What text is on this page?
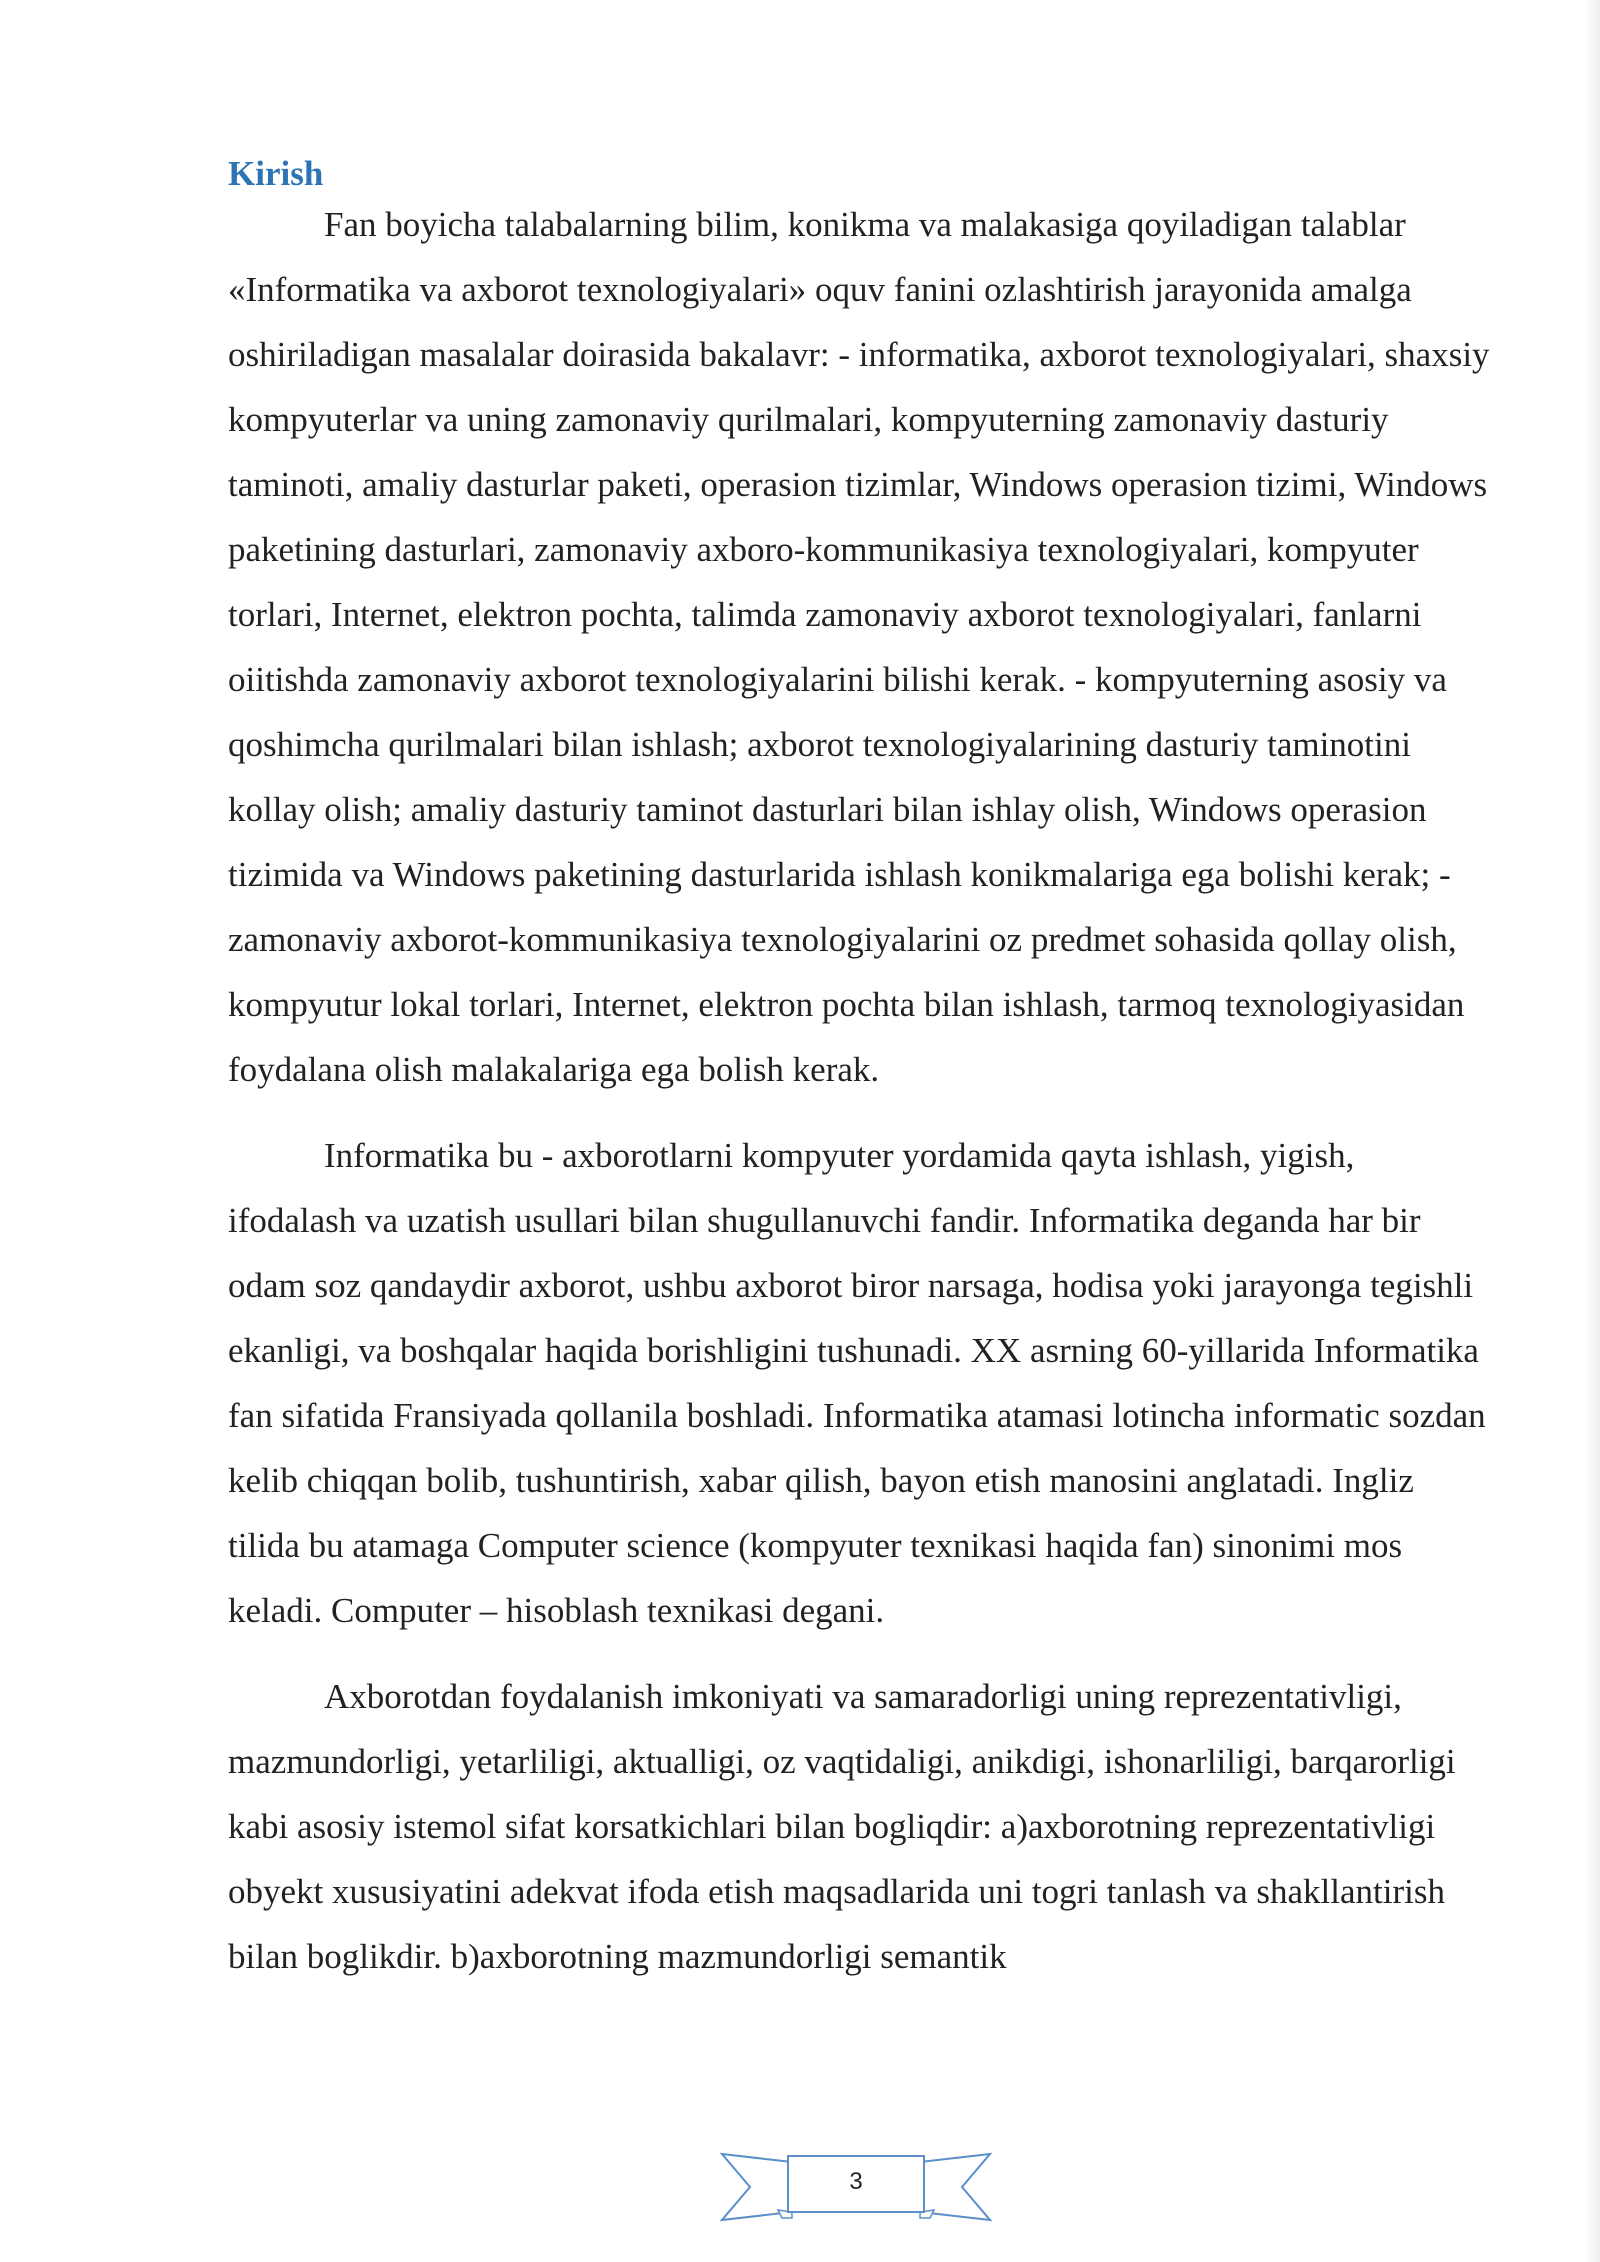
Kirish

Fan boyicha talabalarning bilim, konikma va malakasiga qoyiladigan talablar «Informatika va axborot texnologiyalari» oquv fanini ozlashtirish jarayonida amalga oshiriladigan masalalar doirasida bakalavr: - informatika, axborot texnologiyalari, shaxsiy kompyuterlar va uning zamonaviy qurilmalari, kompyuterning zamonaviy dasturiy taminoti, amaliy dasturlar paketi, operasion tizimlar, Windows operasion tizimi, Windows paketining dasturlari, zamonaviy axboro-kommunikasiya texnologiyalari, kompyuter torlari, Internet, elektron pochta, talimda zamonaviy axborot texnologiyalari, fanlarni oiitishda zamonaviy axborot texnologiyalarini bilishi kerak. - kompyuterning asosiy va qoshimcha qurilmalari bilan ishlash; axborot texnologiyalarining dasturiy taminotini kollay olish; amaliy dasturiy taminot dasturlari bilan ishlay olish, Windows operasion tizimida va Windows paketining dasturlarida ishlash konikmalariga ega bolishi kerak; - zamonaviy axborot-kommunikasiya texnologiyalarini oz predmet sohasida qollay olish, kompyutur lokal torlari, Internet, elektron pochta bilan ishlash, tarmoq texnologiyasidan foydalana olish malakalariga ega bolish kerak.

Informatika bu - axborotlarni kompyuter yordamida qayta ishlash, yigish, ifodalash va uzatish usullari bilan shugullanuvchi fandir. Informatika deganda har bir odam soz qandaydir axborot, ushbu axborot biror narsaga, hodisa yoki jarayonga tegishli ekanligi, va boshqalar haqida borishligini tushunadi. XX asrning 60-yillarida Informatika fan sifatida Fransiyada qollanila boshladi. Informatika atamasi lotincha informatic sozdan kelib chiqqan bolib, tushuntirish, xabar qilish, bayon etish manosini anglatadi. Ingliz tilida bu atamaga Computer science (kompyuter texnikasi haqida fan) sinonimi mos keladi. Computer – hisoblash texnikasi degani.

Axborotdan foydalanish imkoniyati va samaradorligi uning reprezentativligi, mazmundorligi, yetarliligi, aktualligi, oz vaqtidaligi, anikdigi, ishonarliligi, barqarorligi kabi asosiy istemol sifat korsatkichlari bilan bogliqdir: a)axborotning reprezentativligi obyekt xususiyatini adekvat ifoda etish maqsadlarida uni togri tanlash va shakllantirish bilan boglikdir. b)axborotning mazmundorligi semantik

3
